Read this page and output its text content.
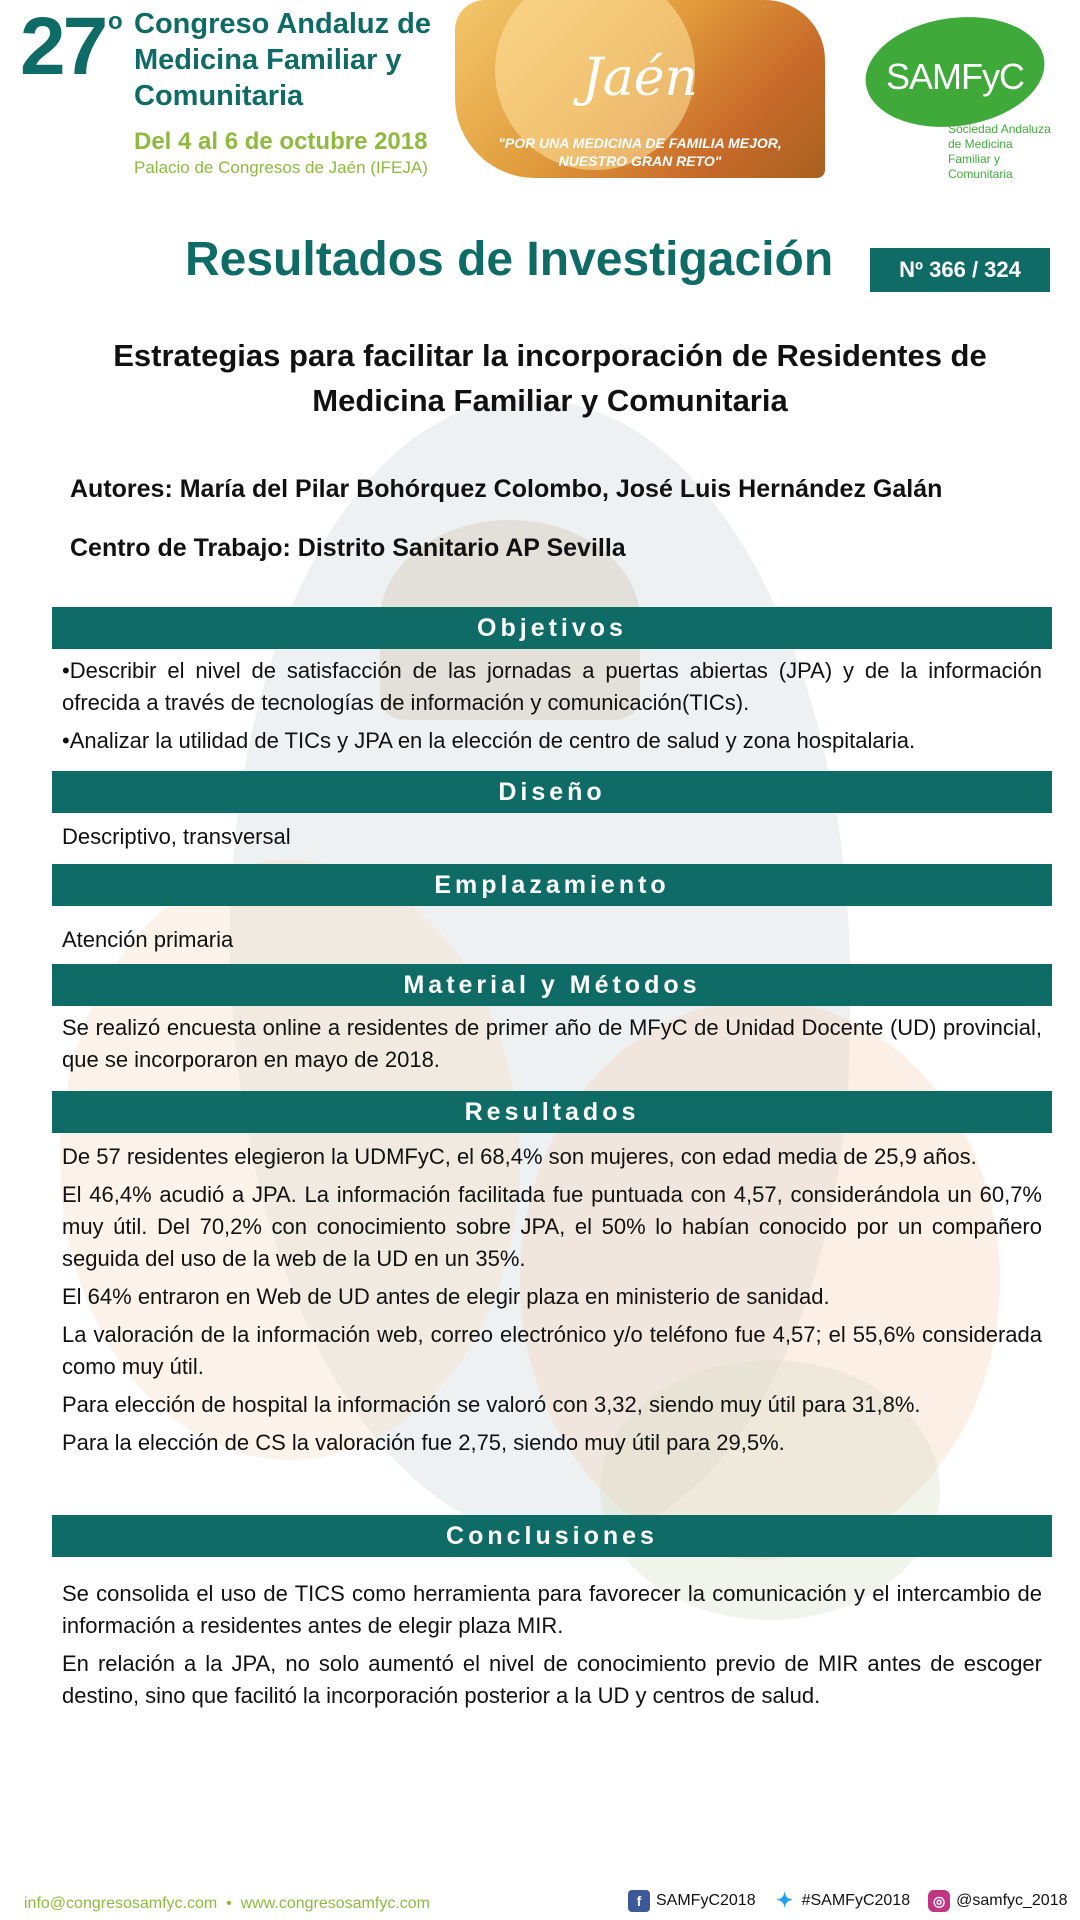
27 o Congreso Andaluz de Medicina Familiar y Comunitaria
Del 4 al 6 de octubre 2018
Palacio de Congresos de Jaén (IFEJA)
Jaén
"POR UNA MEDICINA DE FAMILIA MEJOR, NUESTRO GRAN RETO"
SAMFyC
Sociedad Andaluza de Medicina Familiar y Comunitaria
Resultados de Investigación	Nº 366 / 324
Estrategias para facilitar la incorporación de Residentes de Medicina Familiar y Comunitaria
Autores: María del Pilar Bohórquez Colombo, José Luis Hernández Galán
Centro de Trabajo: Distrito Sanitario AP Sevilla
Objetivos

•Describir el nivel de satisfacción de las jornadas a puertas abiertas (JPA) y de la información ofrecida a través de tecnologías de información y comunicación(TICs).

•Analizar la utilidad de TICs y JPA en la elección de centro de salud y zona hospitalaria.

Diseño

Descriptivo, transversal

Emplazamiento

Atención primaria

Material y Métodos

Se realizó encuesta online a residentes de primer año de MFyC de Unidad Docente (UD) provincial, que se incorporaron en mayo de 2018.

Resultados

De 57 residentes elegieron la UDMFyC, el 68,4% son mujeres, con edad media de 25,9 años.

El 46,4% acudió a JPA. La información facilitada fue puntuada con 4,57, considerándola un 60,7% muy útil. Del 70,2% con conocimiento sobre JPA, el 50% lo habían conocido por un compañero seguida del uso de la web de la UD en un 35%.

El 64% entraron en Web de UD antes de elegir plaza en ministerio de sanidad.

La valoración de la información web, correo electrónico y/o teléfono fue 4,57; el 55,6% considerada como muy útil.

Para elección de hospital la información se valoró con 3,32, siendo muy útil para 31,8%.

Para la elección de CS la valoración fue 2,75, siendo muy útil para 29,5%.

Conclusiones

Se consolida el uso de TICS como herramienta para favorecer la comunicación y el intercambio de información a residentes antes de elegir plaza MIR.

En relación a la JPA, no solo aumentó el nivel de conocimiento previo de MIR antes de escoger destino, sino que facilitó la incorporación posterior a la UD y centros de salud.

info@congresosamfyc.com • www.congresosamfyc.com	f SAMFyC2018 ✦ #SAMFyC2018	◎ @samfyc_2018
